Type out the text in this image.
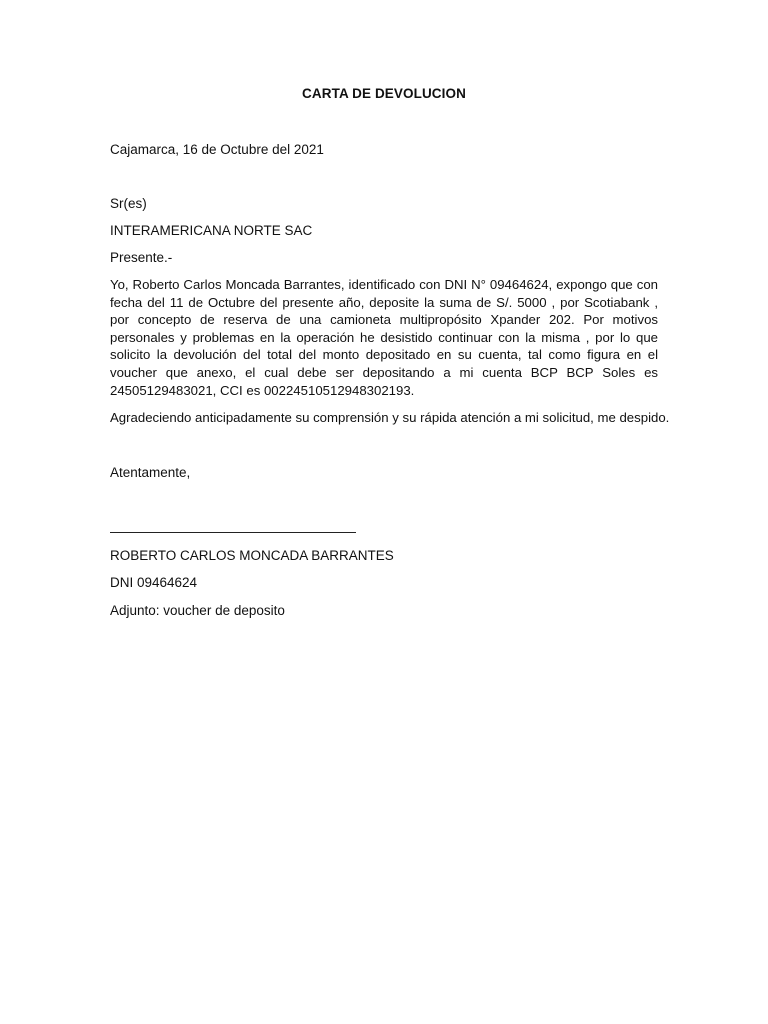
CARTA DE DEVOLUCION
Cajamarca, 16 de Octubre del 2021
Sr(es)
INTERAMERICANA NORTE SAC
Presente.-
Yo, Roberto Carlos Moncada Barrantes, identificado con DNI N° 09464624, expongo que con fecha del 11 de Octubre del presente año, deposite la suma de S/. 5000 , por Scotiabank , por concepto de reserva de una camioneta multipropósito Xpander 202. Por motivos personales y problemas en la operación he desistido continuar con la misma , por lo que solicito la devolución del total del monto depositado en su cuenta, tal como figura en el voucher que anexo, el cual debe ser depositando a mi cuenta BCP BCP Soles es 24505129483021, CCI es 00224510512948302193.
Agradeciendo anticipadamente su comprensión y su rápida atención a mi solicitud, me despido.
Atentamente,
ROBERTO CARLOS MONCADA BARRANTES
DNI 09464624
Adjunto: voucher de deposito
